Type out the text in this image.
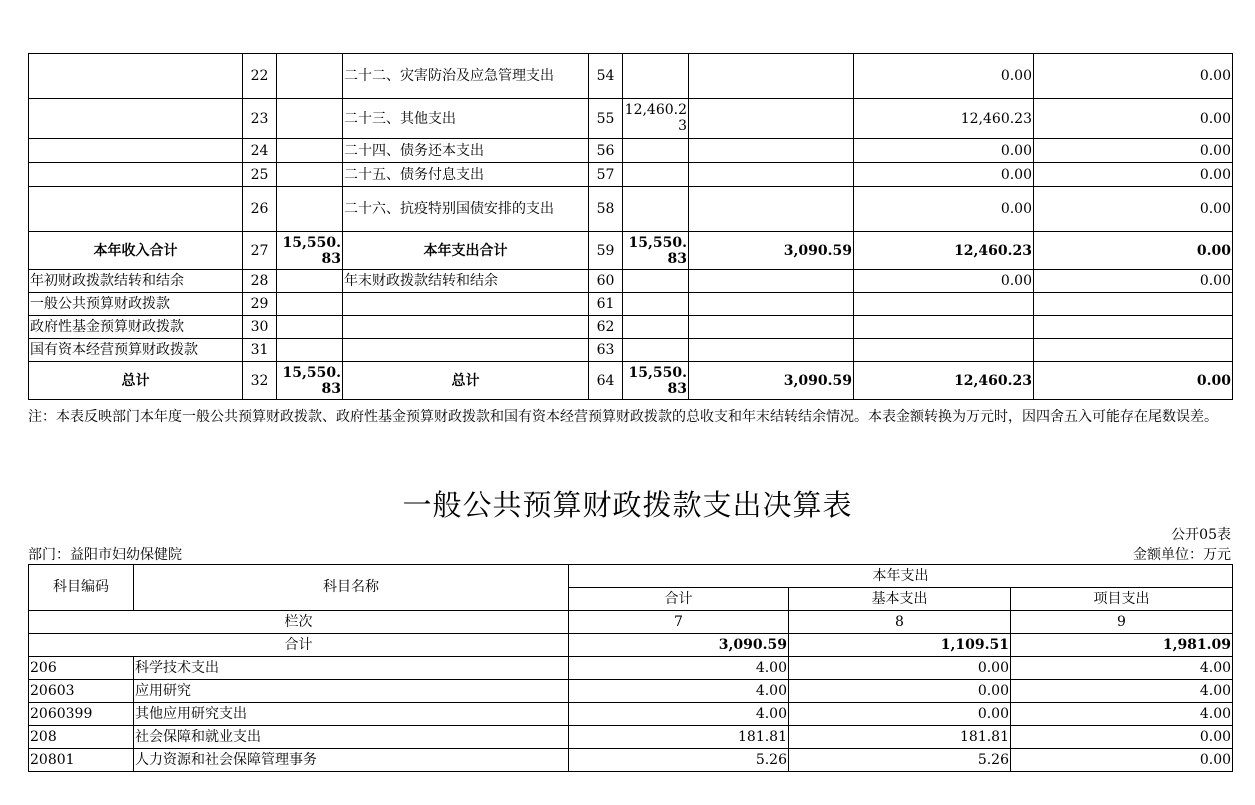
	22		二十二、灾害防治及应急管理支出	54			0.00	0.00
	23		二十三、其他支出	55	12,460.23		12,460.23	0.00
	24		二十四、债务还本支出	56			0.00	0.00
	25		二十五、债务付息支出	57			0.00	0.00
	26		二十六、抗疫特别国债安排的支出	58			0.00	0.00
本年收入合计	27	15,550.83	本年支出合计	59	15,550.83	3,090.59	12,460.23	0.00
年初财政拨款结转和结余	28		年末财政拨款结转和结余	60			0.00	0.00
一般公共预算财政拨款	29			61				
政府性基金预算财政拨款	30			62				
国有资本经营预算财政拨款	31			63				
总计	32	15,550.83	总计	64	15,550.83	3,090.59	12,460.23	0.00
注：本表反映部门本年度一般公共预算财政拨款、政府性基金预算财政拨款和国有资本经营预算财政拨款的总收支和年末结转结余情况。本表金额转换为万元时，因四舍五入可能存在尾数误差。
一般公共预算财政拨款支出决算表
公开05表
部门：益阳市妇幼保健院	金额单位：万元
科目编码	科目名称	本年支出		
		合计	基本支出	项目支出
栏次		7	8	9
合计		3,090.59	1,109.51	1,981.09
206	科学技术支出	4.00	0.00	4.00
20603	应用研究	4.00	0.00	4.00
2060399	其他应用研究支出	4.00	0.00	4.00
208	社会保障和就业支出	181.81	181.81	0.00
20801	人力资源和社会保障管理事务	5.26	5.26	0.00
